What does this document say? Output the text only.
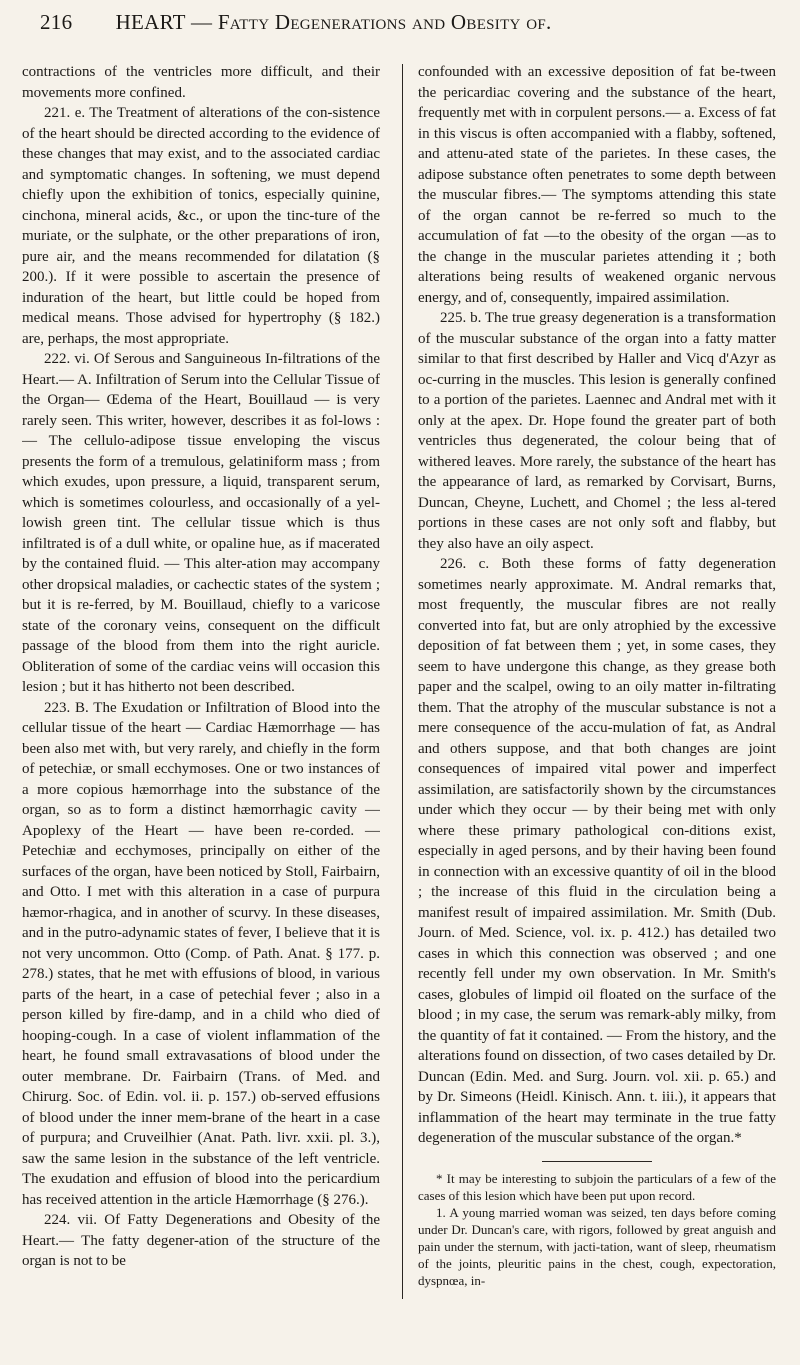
216 HEART — Fatty Degenerations and Obesity of.

contractions of the ventricles more difficult, and their movements more confined.

221. e. The Treatment of alterations of the con-sistence of the heart should be directed according to the evidence of these changes that may exist, and to the associated cardiac and symptomatic changes. In softening, we must depend chiefly upon the exhibition of tonics, especially quinine, cinchona, mineral acids, &c., or upon the tinc-ture of the muriate, or the sulphate, or the other preparations of iron, pure air, and the means recommended for dilatation (§ 200.). If it were possible to ascertain the presence of induration of the heart, but little could be hoped from medical means. Those advised for hypertrophy (§ 182.) are, perhaps, the most appropriate.

222. vi. Of Serous and Sanguineous In-filtrations of the Heart.— A. Infiltration of Serum into the Cellular Tissue of the Organ— Œdema of the Heart, Bouillaud — is very rarely seen. This writer, however, describes it as fol-lows : — The cellulo-adipose tissue enveloping the viscus presents the form of a tremulous, gelatiniform mass ; from which exudes, upon pressure, a liquid, transparent serum, which is sometimes colourless, and occasionally of a yel-lowish green tint. The cellular tissue which is thus infiltrated is of a dull white, or opaline hue, as if macerated by the contained fluid. — This alter-ation may accompany other dropsical maladies, or cachectic states of the system ; but it is re-ferred, by M. Bouillaud, chiefly to a varicose state of the coronary veins, consequent on the difficult passage of the blood from them into the right auricle. Obliteration of some of the cardiac veins will occasion this lesion ; but it has hitherto not been described.

223. B. The Exudation or Infiltration of Blood into the cellular tissue of the heart — Cardiac Hæmorrhage — has been also met with, but very rarely, and chiefly in the form of petechiæ, or small ecchymoses. One or two instances of a more copious hæmorrhage into the substance of the organ, so as to form a distinct hæmorrhagic cavity — Apoplexy of the Heart — have been re-corded. — Petechiæ and ecchymoses, principally on either of the surfaces of the organ, have been noticed by Stoll, Fairbairn, and Otto. I met with this alteration in a case of purpura hæmor-rhagica, and in another of scurvy. In these diseases, and in the putro-adynamic states of fever, I believe that it is not very uncommon. Otto (Comp. of Path. Anat. § 177. p. 278.) states, that he met with effusions of blood, in various parts of the heart, in a case of petechial fever ; also in a person killed by fire-damp, and in a child who died of hooping-cough. In a case of violent inflammation of the heart, he found small extravasations of blood under the outer membrane. Dr. Fairbairn (Trans. of Med. and Chirurg. Soc. of Edin. vol. ii. p. 157.) ob-served effusions of blood under the inner mem-brane of the heart in a case of purpura; and Cruveilhier (Anat. Path. livr. xxii. pl. 3.), saw the same lesion in the substance of the left ventricle. The exudation and effusion of blood into the pericardium has received attention in the article Hæmorrhage (§ 276.).

224. vii. Of Fatty Degenerations and Obesity of the Heart.— The fatty degener-ation of the structure of the organ is not to be

confounded with an excessive deposition of fat be-tween the pericardiac covering and the substance of the heart, frequently met with in corpulent persons.— a. Excess of fat in this viscus is often accompanied with a flabby, softened, and attenu-ated state of the parietes. In these cases, the adipose substance often penetrates to some depth between the muscular fibres.— The symptoms attending this state of the organ cannot be re-ferred so much to the accumulation of fat —to the obesity of the organ —as to the change in the muscular parietes attending it ; both alterations being results of weakened organic nervous energy, and of, consequently, impaired assimilation.

225. b. The true greasy degeneration is a transformation of the muscular substance of the organ into a fatty matter similar to that first described by Haller and Vicq d'Azyr as oc-curring in the muscles. This lesion is generally confined to a portion of the parietes. Laennec and Andral met with it only at the apex. Dr. Hope found the greater part of both ventricles thus degenerated, the colour being that of withered leaves. More rarely, the substance of the heart has the appearance of lard, as remarked by Corvisart, Burns, Duncan, Cheyne, Luchett, and Chomel ; the less al-tered portions in these cases are not only soft and flabby, but they also have an oily aspect.

226. c. Both these forms of fatty degeneration sometimes nearly approximate. M. Andral remarks that, most frequently, the muscular fibres are not really converted into fat, but are only atrophied by the excessive deposition of fat between them ; yet, in some cases, they seem to have undergone this change, as they grease both paper and the scalpel, owing to an oily matter in-filtrating them. That the atrophy of the muscular substance is not a mere consequence of the accu-mulation of fat, as Andral and others suppose, and that both changes are joint consequences of impaired vital power and imperfect assimilation, are satisfactorily shown by the circumstances under which they occur — by their being met with only where these primary pathological con-ditions exist, especially in aged persons, and by their having been found in connection with an excessive quantity of oil in the blood ; the increase of this fluid in the circulation being a manifest result of impaired assimilation. Mr. Smith (Dub. Journ. of Med. Science, vol. ix. p. 412.) has detailed two cases in which this connection was observed ; and one recently fell under my own observation. In Mr. Smith's cases, globules of limpid oil floated on the surface of the blood ; in my case, the serum was remark-ably milky, from the quantity of fat it contained. — From the history, and the alterations found on dissection, of two cases detailed by Dr. Duncan (Edin. Med. and Surg. Journ. vol. xii. p. 65.) and by Dr. Simeons (Heidl. Kinisch. Ann. t. iii.), it appears that inflammation of the heart may terminate in the true fatty degeneration of the muscular substance of the organ.*

* It may be interesting to subjoin the particulars of a few of the cases of this lesion which have been put upon record.

1. A young married woman was seized, ten days before coming under Dr. Duncan's care, with rigors, followed by great anguish and pain under the sternum, with jacti-tation, want of sleep, rheumatism of the joints, pleuritic pains in the chest, cough, expectoration, dyspnœa, in-
